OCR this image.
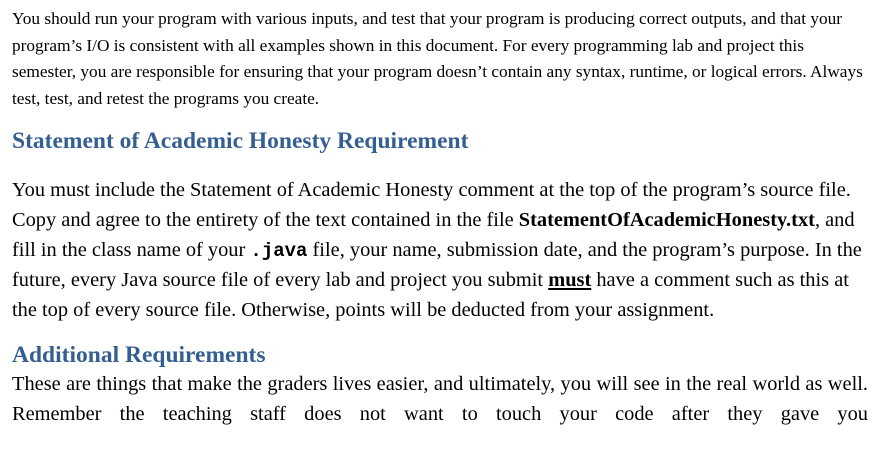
You should run your program with various inputs, and test that your program is producing correct outputs, and that your program’s I/O is consistent with all examples shown in this document. For every programming lab and project this semester, you are responsible for ensuring that your program doesn’t contain any syntax, runtime, or logical errors. Always test, test, and retest the programs you create.

Statement of Academic Honesty Requirement

You must include the Statement of Academic Honesty comment at the top of the program’s source file. Copy and agree to the entirety of the text contained in the file StatementOfAcademicHonesty.txt, and fill in the class name of your .java file, your name, submission date, and the program’s purpose. In the future, every Java source file of every lab and project you submit must have a comment such as this at the top of every source file. Otherwise, points will be deducted from your assignment.

Additional Requirements

These are things that make the graders lives easier, and ultimately, you will see in the real world as well. Remember the teaching staff does not want to touch your code after they gave you
